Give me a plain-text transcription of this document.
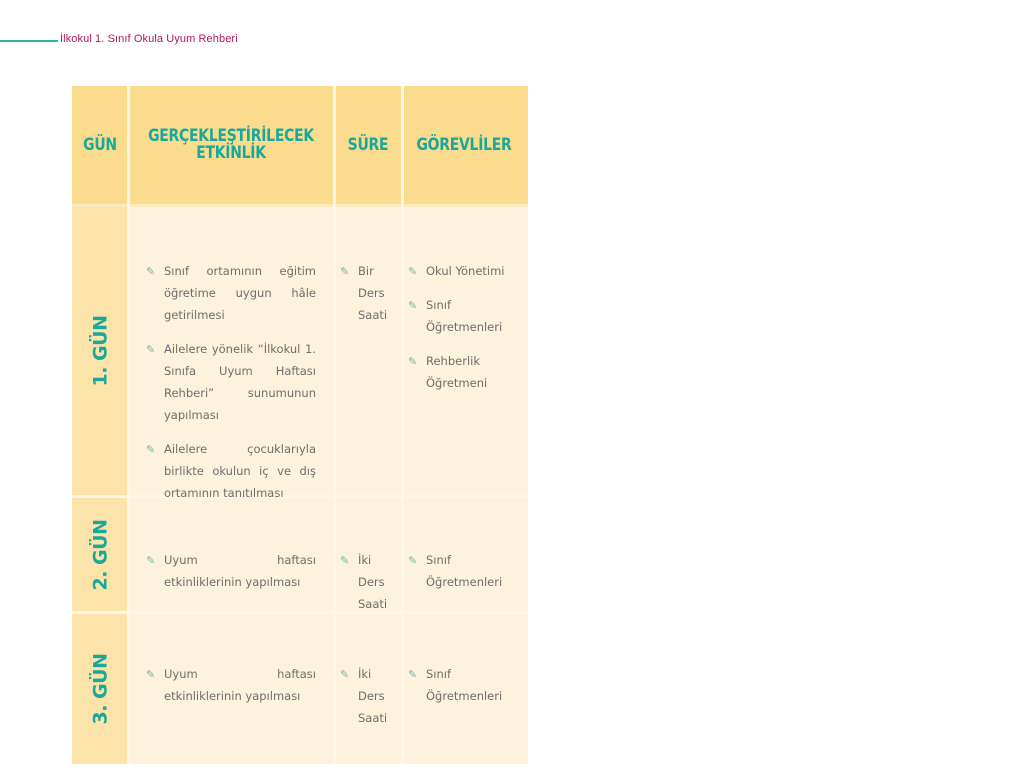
İlkokul 1. Sınıf Okula Uyum Rehberi
GÜN GERÇEKLEŞTİRİLECEK
ETKİNLİK	SÜRE GÖREVLİLER
1. GÜN
2. GÜN
3. GÜN
✎ Sınıf ortamının eğitim öğretime uygun hâle getirilmesi
✎ Ailelere yönelik “İlkokul 1. Sınıfa Uyum Haftası Rehberi” sunumunun yapılması
✎ Ailelere çocuklarıyla birlikte okulun iç ve dış ortamının tanıtılması
✎ Bir Ders Saati
✎ Okul Yönetimi
✎ Sınıf Öğretmenleri
✎ Rehberlik Öğretmeni
✎ Uyum haftası etkinliklerinin yapılması
✎ İki Ders Saati
✎ Sınıf Öğretmenleri
✎ Uyum haftası etkinliklerinin yapılması
✎ İki Ders Saati
✎ Sınıf Öğretmenleri
